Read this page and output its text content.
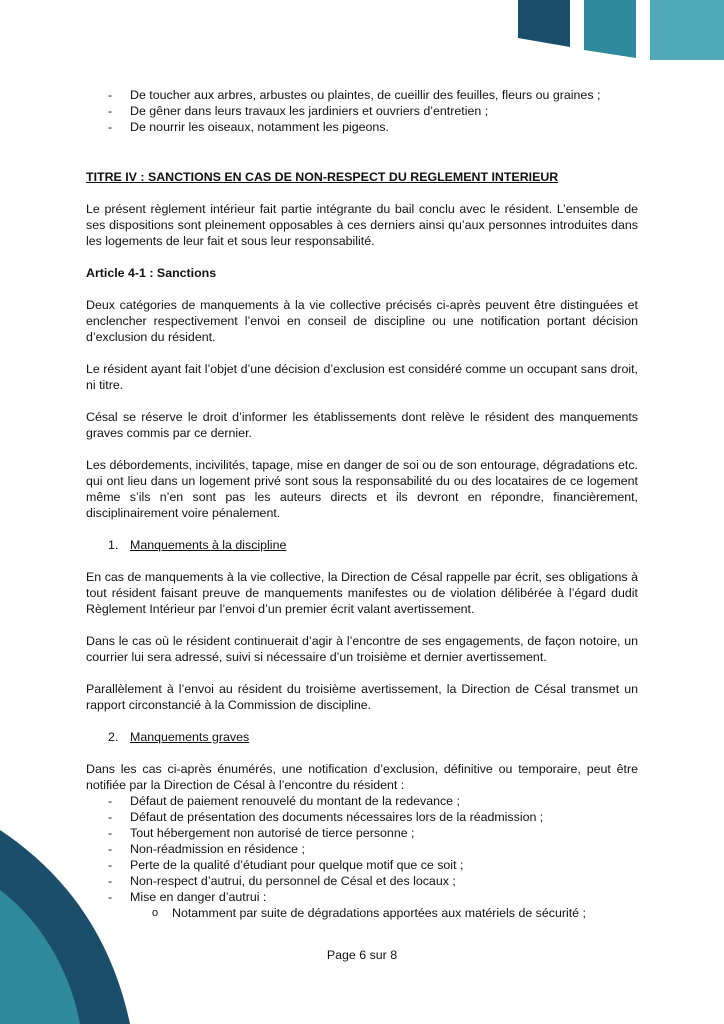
- De toucher aux arbres, arbustes ou plaintes, de cueillir des feuilles, fleurs ou graines ;

- De gêner dans leurs travaux les jardiniers et ouvriers d’entretien ;

- De nourrir les oiseaux, notamment les pigeons.

TITRE IV : SANCTIONS EN CAS DE NON-RESPECT DU REGLEMENT INTERIEUR

Le présent règlement intérieur fait partie intégrante du bail conclu avec le résident. L’ensemble de ses dispositions sont pleinement opposables à ces derniers ainsi qu’aux personnes introduites dans les logements de leur fait et sous leur responsabilité.

Article 4-1 : Sanctions

Deux catégories de manquements à la vie collective précisés ci-après peuvent être distinguées et enclencher respectivement l’envoi en conseil de discipline ou une notification portant décision d’exclusion du résident.

Le résident ayant fait l’objet d’une décision d’exclusion est considéré comme un occupant sans droit, ni titre.

Césal se réserve le droit d’informer les établissements dont relève le résident des manquements graves commis par ce dernier.

Les débordements, incivilités, tapage, mise en danger de soi ou de son entourage, dégradations etc. qui ont lieu dans un logement privé sont sous la responsabilité du ou des locataires de ce logement même s’ils n’en sont pas les auteurs directs et ils devront en répondre, financièrement, disciplinairement voire pénalement.

1. Manquements à la discipline

En cas de manquements à la vie collective, la Direction de Césal rappelle par écrit, ses obligations à tout résident faisant preuve de manquements manifestes ou de violation délibérée à l’égard dudit Règlement Intérieur par l’envoi d’un premier écrit valant avertissement.

Dans le cas où le résident continuerait d’agir à l’encontre de ses engagements, de façon notoire, un courrier lui sera adressé, suivi si nécessaire d’un troisième et dernier avertissement.

Parallèlement à l’envoi au résident du troisième avertissement, la Direction de Césal transmet un rapport circonstancié à la Commission de discipline.

2. Manquements graves

Dans les cas ci-après énumérés, une notification d’exclusion, définitive ou temporaire, peut être notifiée par la Direction de Césal à l’encontre du résident :

- Défaut de paiement renouvelé du montant de la redevance ;

- Défaut de présentation des documents nécessaires lors de la réadmission ;

- Tout hébergement non autorisé de tierce personne ;

- Non-réadmission en résidence ;

- Perte de la qualité d’étudiant pour quelque motif que ce soit ;

- Non-respect d’autrui, du personnel de Césal et des locaux ;

- Mise en danger d’autrui :

o Notamment par suite de dégradations apportées aux matériels de sécurité ;

Page 6 sur 8
